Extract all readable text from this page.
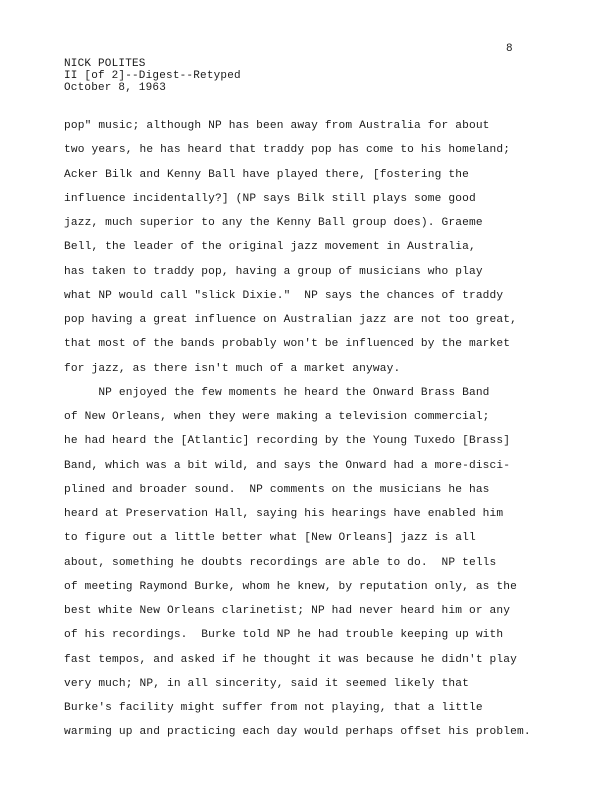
8
NICK POLITES
II [of 2]--Digest--Retyped
October 8, 1963
pop" music; although NP has been away from Australia for about
two years, he has heard that traddy pop has come to his homeland;
Acker Bilk and Kenny Ball have played there, [fostering the
influence incidentally?] (NP says Bilk still plays some good
jazz, much superior to any the Kenny Ball group does). Graeme
Bell, the leader of the original jazz movement in Australia,
has taken to traddy pop, having a group of musicians who play
what NP would call "slick Dixie."  NP says the chances of traddy
pop having a great influence on Australian jazz are not too great,
that most of the bands probably won't be influenced by the market
for jazz, as there isn't much of a market anyway.
NP enjoyed the few moments he heard the Onward Brass Band
of New Orleans, when they were making a television commercial;
he had heard the [Atlantic] recording by the Young Tuxedo [Brass]
Band, which was a bit wild, and says the Onward had a more-disci-
plined and broader sound.  NP comments on the musicians he has
heard at Preservation Hall, saying his hearings have enabled him
to figure out a little better what [New Orleans] jazz is all
about, something he doubts recordings are able to do.  NP tells
of meeting Raymond Burke, whom he knew, by reputation only, as the
best white New Orleans clarinetist; NP had never heard him or any
of his recordings.  Burke told NP he had trouble keeping up with
fast tempos, and asked if he thought it was because he didn't play
very much; NP, in all sincerity, said it seemed likely that
Burke's facility might suffer from not playing, that a little
warming up and practicing each day would perhaps offset his problem.
